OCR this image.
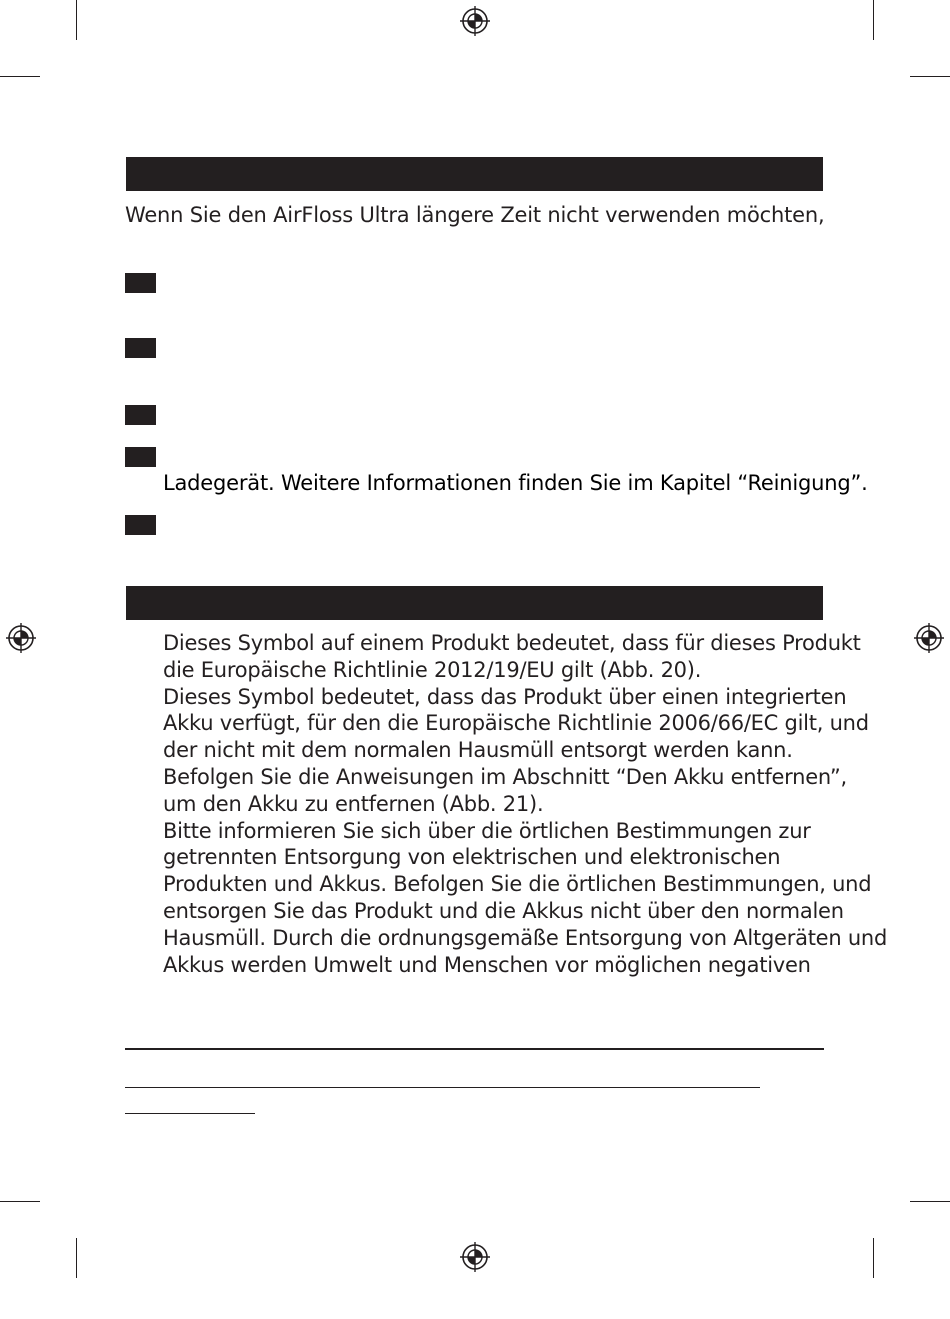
Wenn Sie den AirFloss Ultra längere Zeit nicht verwenden möchten,
Ladegerät. Weitere Informationen finden Sie im Kapitel “Reinigung”.
Dieses Symbol auf einem Produkt bedeutet, dass für dieses Produkt
die Europäische Richtlinie 2012/19/EU gilt (Abb. 20).
Dieses Symbol bedeutet, dass das Produkt über einen integrierten
Akku verfügt, für den die Europäische Richtlinie 2006/66/EC gilt, und
der nicht mit dem normalen Hausmüll entsorgt werden kann.
Befolgen Sie die Anweisungen im Abschnitt “Den Akku entfernen”,
um den Akku zu entfernen (Abb. 21).
Bitte informieren Sie sich über die örtlichen Bestimmungen zur
getrennten Entsorgung von elektrischen und elektronischen
Produkten und Akkus. Befolgen Sie die örtlichen Bestimmungen, und
entsorgen Sie das Produkt und die Akkus nicht über den normalen
Hausmüll. Durch die ordnungsgemäße Entsorgung von Altgeräten und
Akkus werden Umwelt und Menschen vor möglichen negativen
